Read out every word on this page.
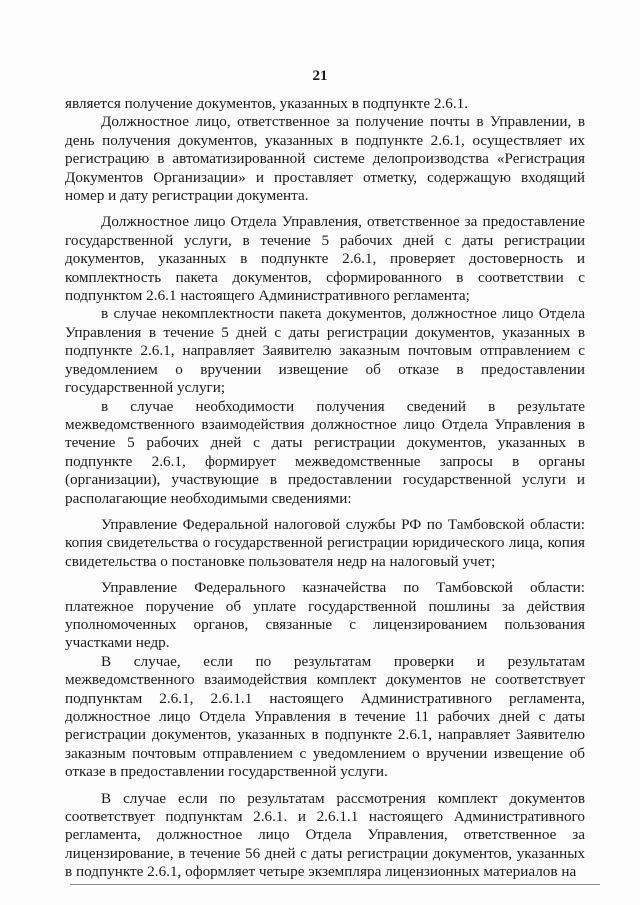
21

является получение документов, указанных в подпункте 2.6.1.

Должностное лицо, ответственное за получение почты в Управлении, в день получения документов, указанных в подпункте 2.6.1, осуществляет их регистрацию в автоматизированной системе делопроизводства «Регистрация Документов Организации» и проставляет отметку, содержащую входящий номер и дату регистрации документа.

Должностное лицо Отдела Управления, ответственное за предоставление государственной услуги, в течение 5 рабочих дней с даты регистрации документов, указанных в подпункте 2.6.1, проверяет достоверность и комплектность пакета документов, сформированного в соответствии с подпунктом 2.6.1 настоящего Административного регламента;

в случае некомплектности пакета документов, должностное лицо Отдела Управления в течение 5 дней с даты регистрации документов, указанных в подпункте 2.6.1, направляет Заявителю заказным почтовым отправлением с уведомлением о вручении извещение об отказе в предоставлении государственной услуги;

в случае необходимости получения сведений в результате межведомственного взаимодействия должностное лицо Отдела Управления в течение 5 рабочих дней с даты регистрации документов, указанных в подпункте 2.6.1, формирует межведомственные запросы в органы (организации), участвующие в предоставлении государственной услуги и располагающие необходимыми сведениями:

Управление Федеральной налоговой службы РФ по Тамбовской области: копия свидетельства о государственной регистрации юридического лица, копия свидетельства о постановке пользователя недр на налоговый учет;

Управление Федерального казначейства по Тамбовской области: платежное поручение об уплате государственной пошлины за действия уполномоченных органов, связанные с лицензированием пользования участками недр.

В случае, если по результатам проверки и результатам межведомственного взаимодействия комплект документов не соответствует подпунктам 2.6.1, 2.6.1.1 настоящего Административного регламента, должностное лицо Отдела Управления в течение 11 рабочих дней с даты регистрации документов, указанных в подпункте 2.6.1, направляет Заявителю заказным почтовым отправлением с уведомлением о вручении извещение об отказе в предоставлении государственной услуги.

В случае если по результатам рассмотрения комплект документов соответствует подпунктам 2.6.1. и 2.6.1.1 настоящего Административного регламента, должностное лицо Отдела Управления, ответственное за лицензирование, в течение 56 дней с даты регистрации документов, указанных в подпункте 2.6.1, оформляет четыре экземпляра лицензионных материалов на
